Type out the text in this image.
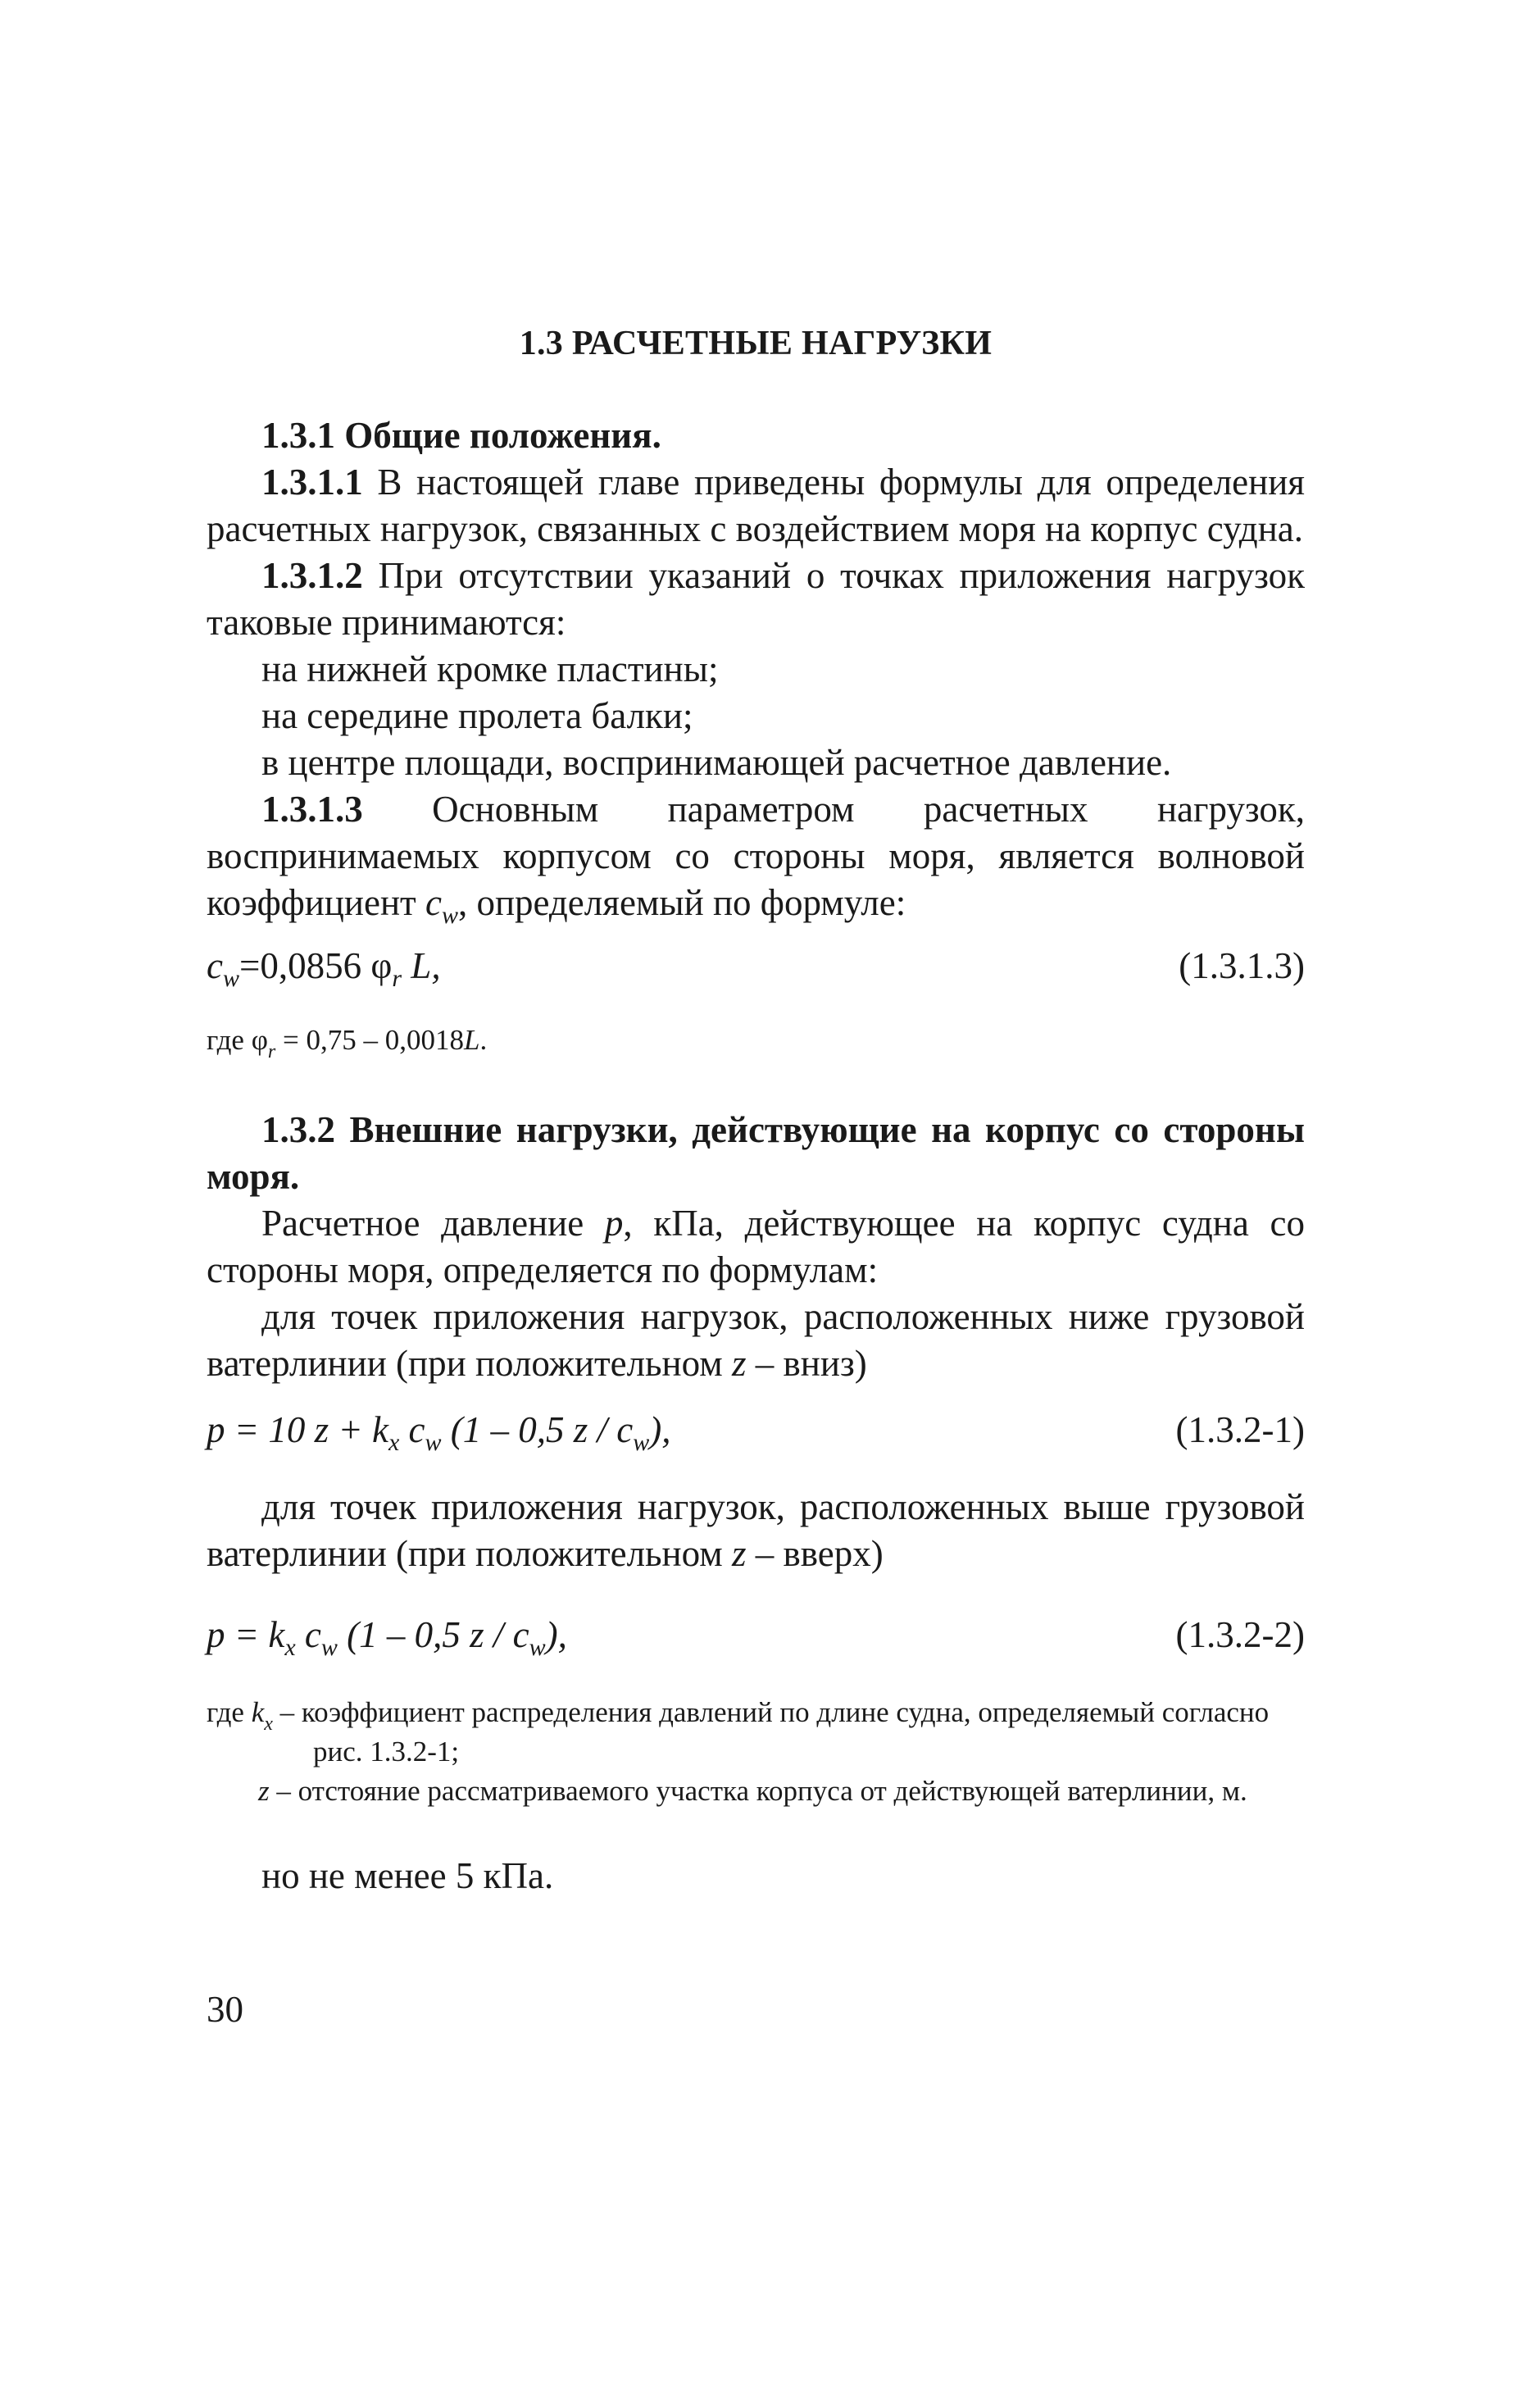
1.3 РАСЧЕТНЫЕ НАГРУЗКИ

1.3.1 Общие положения.

1.3.1.1 В настоящей главе приведены формулы для определения расчетных нагрузок, связанных с воздействием моря на корпус судна.

1.3.1.2 При отсутствии указаний о точках приложения нагрузок таковые принимаются:

на нижней кромке пластины;

на середине пролета балки;

в центре площади, воспринимающей расчетное давление.

1.3.1.3 Основным параметром расчетных нагрузок, воспринимаемых корпусом со стороны моря, является волновой коэффициент $c_w$, определяемый по формуле:

$c_w=0,0856$ $\varphi_r$ L,	(1.3.1.3)
где $\varphi_r = 0,75 - 0,0018L$.

1.3.2 Внешние нагрузки, действующие на корпус со стороны моря.

Расчетное давление p, кПа, действующее на корпус судна со стороны моря, определяется по формулам:

для точек приложения нагрузок, расположенных ниже грузовой ватерлинии (при положительном z – вниз)

p = 10 $z + k_x$ $c_w$ (1 – 0,5 z / $c_w$),	(1.3.2-1)

для точек приложения нагрузок, расположенных выше грузовой ватерлинии (при положительном z – вверх)

$p = k_x$ $c_w$ (1 – 0,5 z / $c_w$),	(1.3.2-2)
где $k_x$ – коэффициент распределения давлений по длине судна, определяемый согласно рис. 1.3.2-1;
z – отстояние рассматриваемого участка корпуса от действующей ватерлинии, м.

но не менее 5 кПа.

30
